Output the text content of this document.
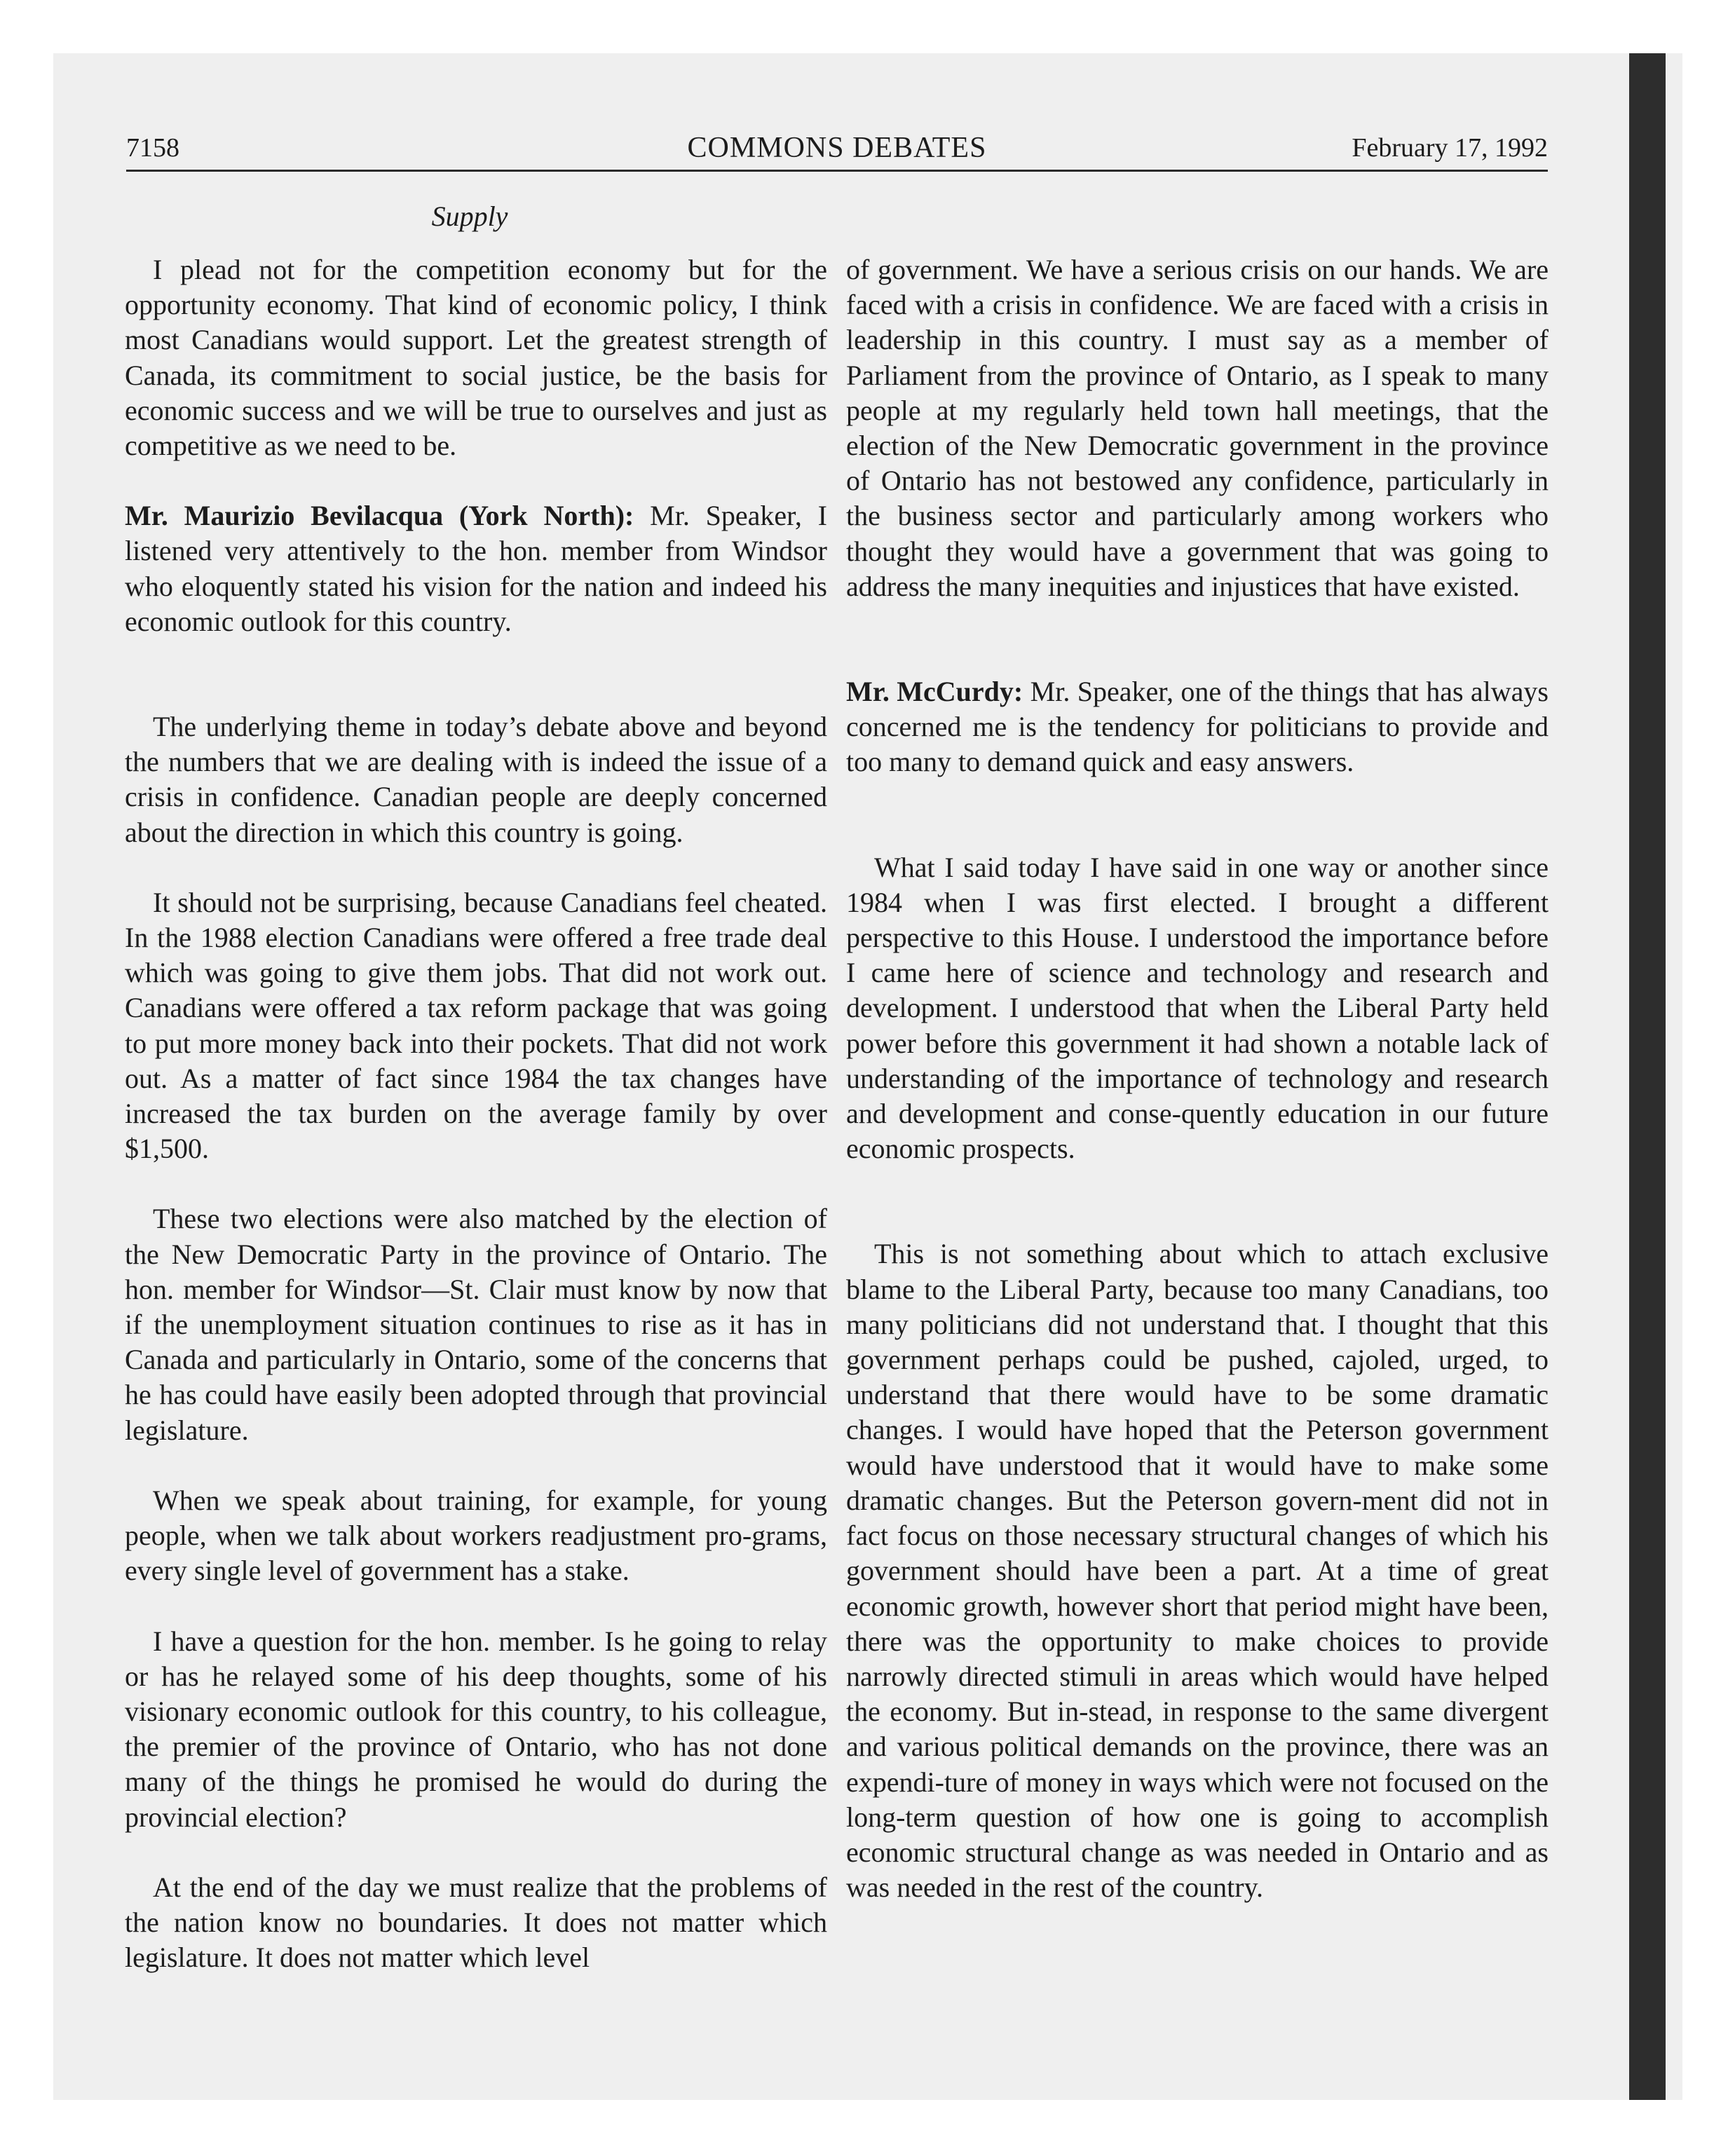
7158	COMMONS DEBATES	February 17, 1992
Supply

I plead not for the competition economy but for the opportunity economy. That kind of economic policy, I think most Canadians would support. Let the greatest strength of Canada, its commitment to social justice, be the basis for economic success and we will be true to ourselves and just as competitive as we need to be.

Mr. Maurizio Bevilacqua (York North): Mr. Speaker, I listened very attentively to the hon. member from Windsor who eloquently stated his vision for the nation and indeed his economic outlook for this country.

The underlying theme in today’s debate above and beyond the numbers that we are dealing with is indeed the issue of a crisis in confidence. Canadian people are deeply concerned about the direction in which this country is going.

It should not be surprising, because Canadians feel cheated. In the 1988 election Canadians were offered a free trade deal which was going to give them jobs. That did not work out. Canadians were offered a tax reform package that was going to put more money back into their pockets. That did not work out. As a matter of fact since 1984 the tax changes have increased the tax burden on the average family by over $1,500.

These two elections were also matched by the election of the New Democratic Party in the province of Ontario. The hon. member for Windsor—St. Clair must know by now that if the unemployment situation continues to rise as it has in Canada and particularly in Ontario, some of the concerns that he has could have easily been adopted through that provincial legislature.

When we speak about training, for example, for young people, when we talk about workers readjustment pro-grams, every single level of government has a stake.

I have a question for the hon. member. Is he going to relay or has he relayed some of his deep thoughts, some of his visionary economic outlook for this country, to his colleague, the premier of the province of Ontario, who has not done many of the things he promised he would do during the provincial election?

At the end of the day we must realize that the problems of the nation know no boundaries. It does not matter which legislature. It does not matter which level

of government. We have a serious crisis on our hands. We are faced with a crisis in confidence. We are faced with a crisis in leadership in this country. I must say as a member of Parliament from the province of Ontario, as I speak to many people at my regularly held town hall meetings, that the election of the New Democratic government in the province of Ontario has not bestowed any confidence, particularly in the business sector and particularly among workers who thought they would have a government that was going to address the many inequities and injustices that have existed.

Mr. McCurdy: Mr. Speaker, one of the things that has always concerned me is the tendency for politicians to provide and too many to demand quick and easy answers.

What I said today I have said in one way or another since 1984 when I was first elected. I brought a different perspective to this House. I understood the importance before I came here of science and technology and research and development. I understood that when the Liberal Party held power before this government it had shown a notable lack of understanding of the importance of technology and research and development and conse-quently education in our future economic prospects.

This is not something about which to attach exclusive blame to the Liberal Party, because too many Canadians, too many politicians did not understand that. I thought that this government perhaps could be pushed, cajoled, urged, to understand that there would have to be some dramatic changes. I would have hoped that the Peterson government would have understood that it would have to make some dramatic changes. But the Peterson govern-ment did not in fact focus on those necessary structural changes of which his government should have been a part. At a time of great economic growth, however short that period might have been, there was the opportunity to make choices to provide narrowly directed stimuli in areas which would have helped the economy. But in-stead, in response to the same divergent and various political demands on the province, there was an expendi-ture of money in ways which were not focused on the long-term question of how one is going to accomplish economic structural change as was needed in Ontario and as was needed in the rest of the country.
